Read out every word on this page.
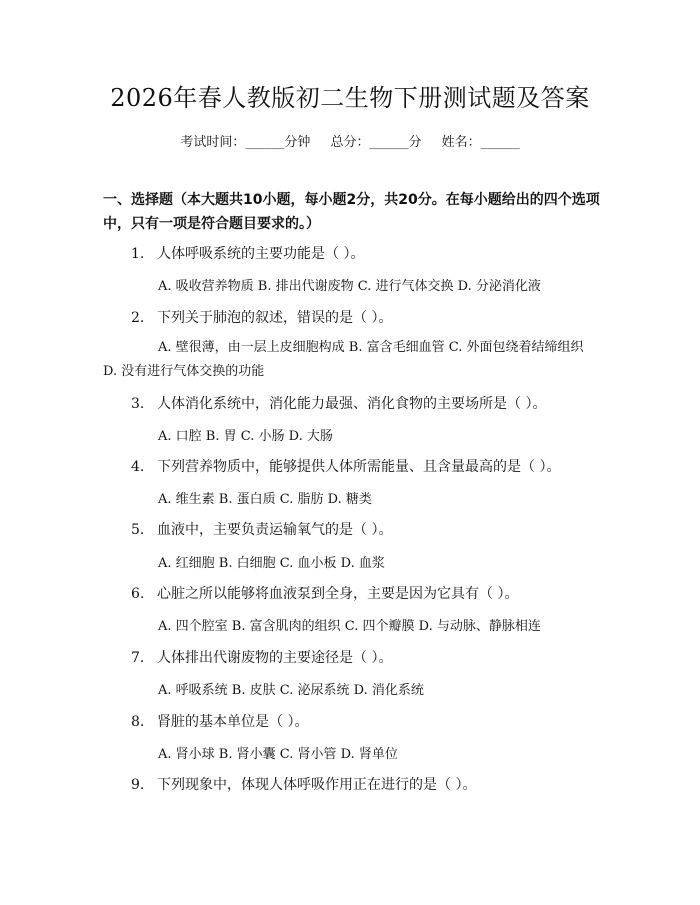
2026年春人教版初二生物下册测试题及答案
考试时间：______分钟 总分：______分 姓名：______
一、选择题（本大题共10小题，每小题2分，共20分。在每小题给出的四个选项中，只有一项是符合题目要求的。）
1. 人体呼吸系统的主要功能是（ ）。
A. 吸收营养物质 B. 排出代谢废物 C. 进行气体交换 D. 分泌消化液
2. 下列关于肺泡的叙述，错误的是（ ）。
A. 壁很薄，由一层上皮细胞构成 B. 富含毛细血管 C. 外面包绕着结缔组织 D. 没有进行气体交换的功能
3. 人体消化系统中，消化能力最强、消化食物的主要场所是（ ）。
A. 口腔 B. 胃 C. 小肠 D. 大肠
4. 下列营养物质中，能够提供人体所需能量、且含量最高的是（ ）。
A. 维生素 B. 蛋白质 C. 脂肪 D. 糖类
5. 血液中，主要负责运输氧气的是（ ）。
A. 红细胞 B. 白细胞 C. 血小板 D. 血浆
6. 心脏之所以能够将血液泵到全身，主要是因为它具有（ ）。
A. 四个腔室 B. 富含肌肉的组织 C. 四个瓣膜 D. 与动脉、静脉相连
7. 人体排出代谢废物的主要途径是（ ）。
A. 呼吸系统 B. 皮肤 C. 泌尿系统 D. 消化系统
8. 肾脏的基本单位是（ ）。
A. 肾小球 B. 肾小囊 C. 肾小管 D. 肾单位
9. 下列现象中，体现人体呼吸作用正在进行的是（ ）。
